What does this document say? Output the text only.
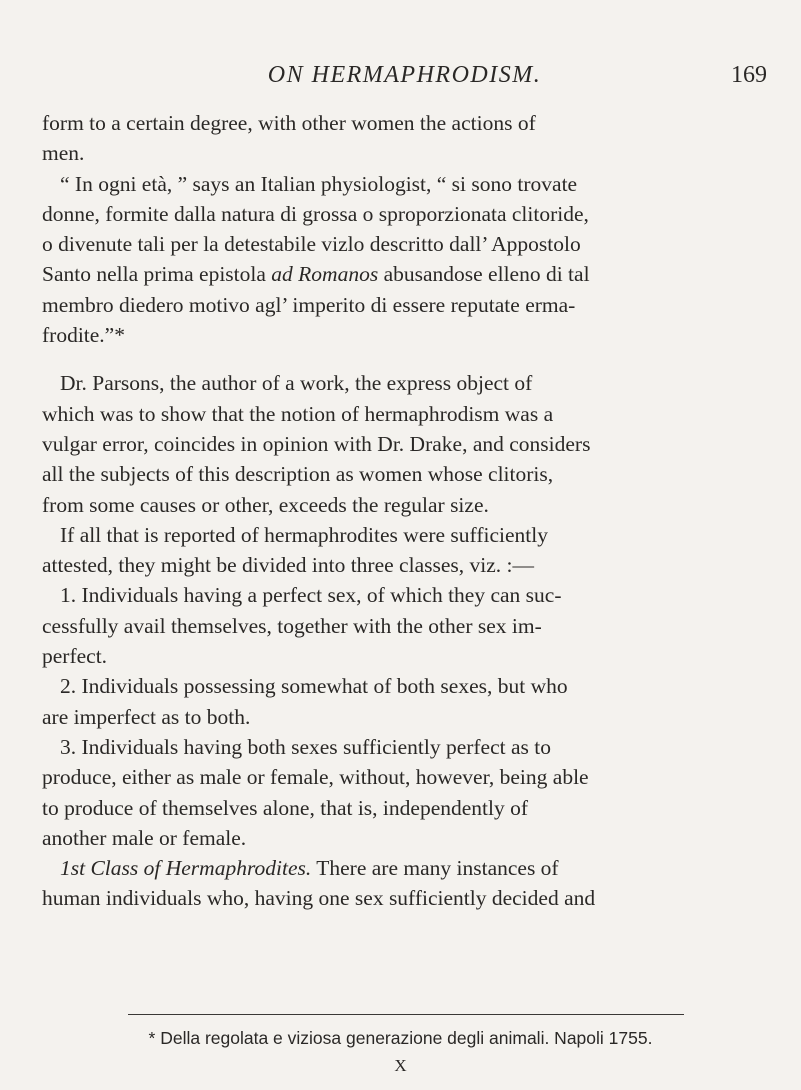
ON HERMAPHRODISM.	169
form to a certain degree, with other women the actions of
men.
“ In ogni età, ” says an Italian physiologist, “ si sono trovate
donne, formite dalla natura di grossa o sproporzionata clitoride,
o divenute tali per la detestabile vizlo descritto dall’ Appostolo
Santo nella prima epistola ad Romanos abusandose elleno di tal
membro diedero motivo agl’ imperito di essere reputate erma-
frodite.”*
Dr. Parsons, the author of a work, the express object of
which was to show that the notion of hermaphrodism was a
vulgar error, coincides in opinion with Dr. Drake, and considers
all the subjects of this description as women whose clitoris,
from some causes or other, exceeds the regular size.
If all that is reported of hermaphrodites were sufficiently
attested, they might be divided into three classes, viz. :—
1. Individuals having a perfect sex, of which they can suc-
cessfully avail themselves, together with the other sex im-
perfect.
2. Individuals possessing somewhat of both sexes, but who
are imperfect as to both.
3. Individuals having both sexes sufficiently perfect as to
produce, either as male or female, without, however, being able
to produce of themselves alone, that is, independently of
another male or female.
1st Class of Hermaphrodites. There are many instances of
human individuals who, having one sex sufficiently decided and
* Della regolata e viziosa generazione degli animali. Napoli 1755.
X
